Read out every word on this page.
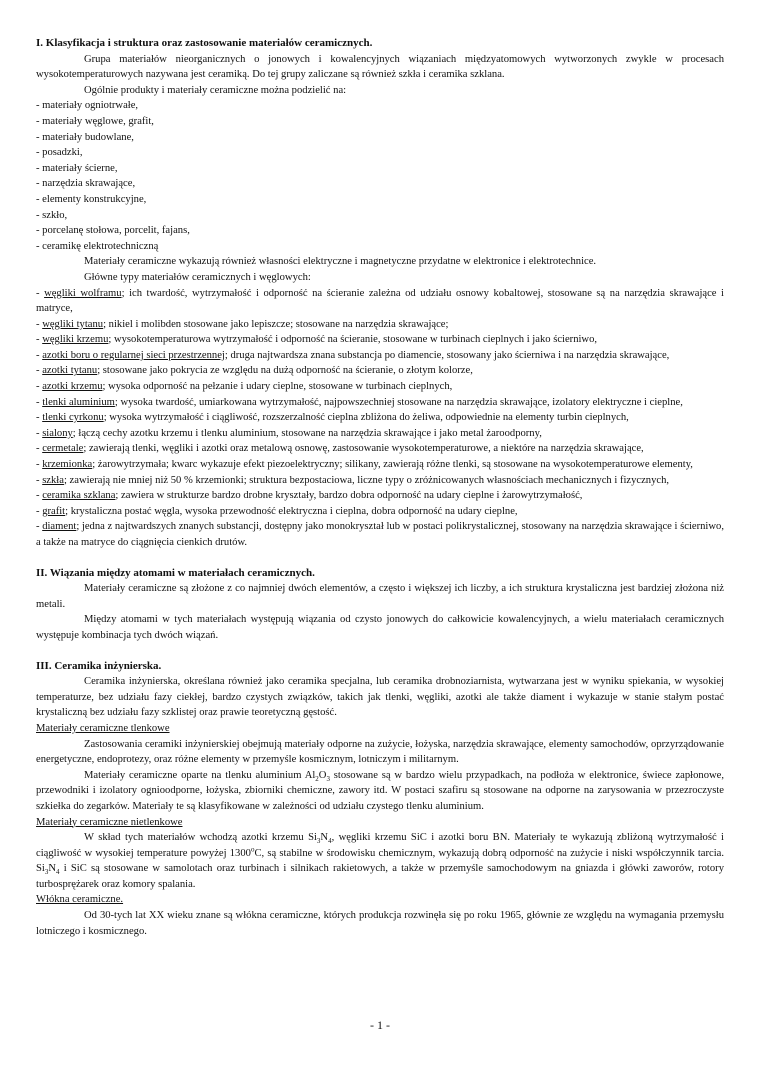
I. Klasyfikacja i struktura oraz zastosowanie materiałów ceramicznych.

Grupa materiałów nieorganicznych o jonowych i kowalencyjnych wiązaniach międzyatomowych wytworzonych zwykle w procesach wysokotemperaturowych nazywana jest ceramiką. Do tej grupy zaliczane są również szkła i ceramika szklana.

Ogólnie produkty i materiały ceramiczne można podzielić na:

- materiały ogniotrwałe,
- materiały węglowe, grafit,
- materiały budowlane,
- posadzki,
- materiały ścierne,
- narzędzia skrawające,
- elementy konstrukcyjne,
- szkło,
- porcelanę stołowa, porcelit, fajans,
- ceramikę elektrotechniczną

Materiały ceramiczne wykazują również własności elektryczne i magnetyczne przydatne w elektronice i elektrotechnice.

Główne typy materiałów ceramicznych i węglowych:

- węgliki wolframu; ich twardość, wytrzymałość i odporność na ścieranie zależna od udziału osnowy kobaltowej, stosowane są na narzędzia skrawające i matryce,
- węgliki tytanu; nikiel i molibden stosowane jako lepiszcze; stosowane na narzędzia skrawające;
- węgliki krzemu; wysokotemperaturowa wytrzymałość i odporność na ścieranie, stosowane w turbinach cieplnych i jako ścierniwo,
- azotki boru o regularnej sieci przestrzennej; druga najtwardsza znana substancja po diamencie, stosowany jako ścierniwa i na narzędzia skrawające,
- azotki tytanu; stosowane jako pokrycia ze względu na dużą odporność na ścieranie, o złotym kolorze,
- azotki krzemu; wysoka odporność na pełzanie i udary cieplne, stosowane w turbinach cieplnych,
- tlenki aluminium; wysoka twardość, umiarkowana wytrzymałość, najpowszechniej stosowane na narzędzia skrawające, izolatory elektryczne i cieplne,
- tlenki cyrkonu; wysoka wytrzymałość i ciągliwość, rozszerzalność cieplna zbliżona do żeliwa, odpowiednie na elementy turbin cieplnych,
- sialony; łączą cechy azotku krzemu i tlenku aluminium, stosowane na narzędzia skrawające i jako metal żaroodporny,
- cermetale; zawierają tlenki, węgliki i azotki oraz metalową osnowę, zastosowanie wysokotemperaturowe, a niektóre na narzędzia skrawające,
- krzemionka; żarowytrzymała; kwarc wykazuje efekt piezoelektryczny; silikany, zawierają różne tlenki, są stosowane na wysokotemperaturowe elementy,
- szkła; zawierają nie mniej niż 50 % krzemionki; struktura bezpostaciowa, liczne typy o zróżnicowanych własnościach mechanicznych i fizycznych,
- ceramika szklana; zawiera w strukturze bardzo drobne kryształy, bardzo dobra odporność na udary cieplne i żarowytrzymałość,
- grafit; krystaliczna postać węgla, wysoka przewodność elektryczna i cieplna, dobra odporność na udary cieplne,
- diament; jedna z najtwardszych znanych substancji, dostępny jako monokryształ lub w postaci polikrystalicznej, stosowany na narzędzia skrawające i ścierniwo, a także na matryce do ciągnięcia cienkich drutów.
II. Wiązania między atomami w materiałach ceramicznych.

Materiały ceramiczne są złożone z co najmniej dwóch elementów, a często i większej ich liczby, a ich struktura krystaliczna jest bardziej złożona niż metali.

Między atomami w tych materiałach występują wiązania od czysto jonowych do całkowicie kowalencyjnych, a wielu materiałach ceramicznych występuje kombinacja tych dwóch wiązań.

III. Ceramika inżynierska.

Ceramika inżynierska, określana również jako ceramika specjalna, lub ceramika drobnoziarnista, wytwarzana jest w wyniku spiekania, w wysokiej temperaturze, bez udziału fazy ciekłej, bardzo czystych związków, takich jak tlenki, węgliki, azotki ale także diament i wykazuje w stanie stałym postać krystaliczną bez udziału fazy szklistej oraz prawie teoretyczną gęstość.

Materiały ceramiczne tlenkowe

Zastosowania ceramiki inżynierskiej obejmują materiały odporne na zużycie, łożyska, narzędzia skrawające, elementy samochodów, oprzyrządowanie energetyczne, endoprotezy, oraz różne elementy w przemyśle kosmicznym, lotniczym i militarnym.

Materiały ceramiczne oparte na tlenku aluminium $Al_2O_3$ stosowane są w bardzo wielu przypadkach, na podłoża w elektronice, świece zapłonowe, przewodniki i izolatory ognioodporne, łożyska, zbiorniki chemiczne, zawory itd. W postaci szafiru są stosowane na odporne na zarysowania w przezroczyste szkiełka do zegarków. Materiały te są klasyfikowane w zależności od udziału czystego tlenku aluminium.

Materiały ceramiczne nietlenkowe

W skład tych materiałów wchodzą azotki krzemu $Si_3N_4$, węgliki krzemu SiC i azotki boru BN. Materiały te wykazują zbliżoną wytrzymałość i ciągliwość w wysokiej temperature powyżej 1300$^o$C, są stabilne w środowisku chemicznym, wykazują dobrą odporność na zużycie i niski współczynnik tarcia. $Si_3N_4$ i SiC są stosowane w samolotach oraz turbinach i silnikach rakietowych, a także w przemyśle samochodowym na gniazda i główki zaworów, rotory turbosprężarek oraz komory spalania.

Włókna ceramiczne.

Od 30-tych lat XX wieku znane są włókna ceramiczne, których produkcja rozwinęła się po roku 1965, głównie ze względu na wymagania przemysłu lotniczego i kosmicznego.

- 1 -
